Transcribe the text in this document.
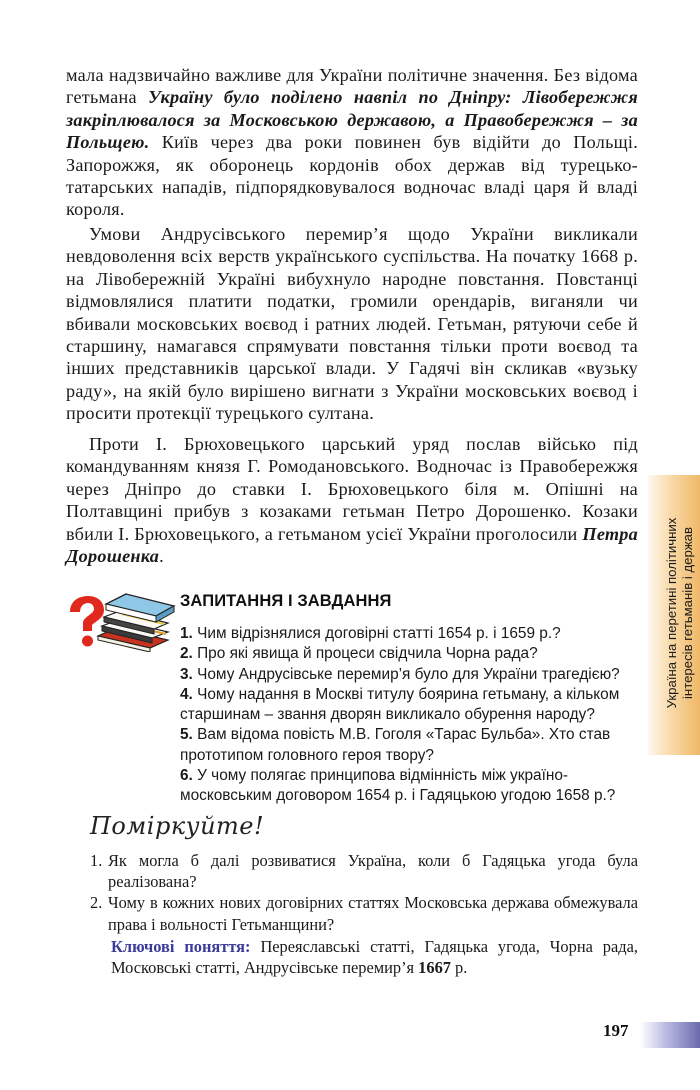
мала надзвичайно важливе для України політичне значення. Без відома гетьмана Україну було поділено навпіл по Дніпру: Лівобережжя закріплювалося за Московською державою, а Правобережжя – за Польщею. Київ через два роки повинен був відійти до Польщі. Запорожжя, як оборонець кордонів обох держав від турецько-татарських нападів, підпорядковувалося водночас владі царя й владі короля.

Умови Андрусівського перемир’я щодо України викликали невдоволення всіх верств українського суспільства. На початку 1668 р. на Лівобережній Україні вибухнуло народне повстання. Повстанці відмовлялися платити податки, громили орендарів, виганяли чи вбивали московських воєвод і ратних людей. Гетьман, рятуючи себе й старшину, намагався спрямувати повстання тільки проти воєвод та інших представників царської влади. У Гадячі він скликав «вузьку раду», на якій було вирішено вигнати з України московських воєвод і просити протекції турецького султана.

Проти І. Брюховецького царський уряд послав військо під командуванням князя Г. Ромодановського. Водночас із Правобережжя через Дніпро до ставки І. Брюховецького біля м. Опішні на Полтавщині прибув з козаками гетьман Петро Дорошенко. Козаки вбили І. Брюховецького, а гетьманом усієї України проголосили Петра Дорошенка.

ЗАПИТАННЯ І ЗАВДАННЯ

1. Чим відрізнялися договірні статті 1654 р. і 1659 р.?

2. Про які явища й процеси свідчила Чорна рада?

3. Чому Андрусівське перемир’я було для України трагедією?

4. Чому надання в Москві титулу боярина гетьману, а кільком старшинам – звання дворян викликало обурення народу?

5. Вам відома повість М.В. Гоголя «Тарас Бульба». Хто став прототипом головного героя твору?

6. У чому полягає принципова відмінність між україно-московським договором 1654 р. і Гадяцькою угодою 1658 р.?

Поміркуйте!
1. Як могла б далі розвиватися Україна, коли б Гадяцька угода була реалізована?
2. Чому в кожних нових договірних статтях Московська держава обмежувала права і вольності Гетьманщини?
Ключові поняття: Переяславські статті, Гадяцька угода, Чорна рада, Московські статті, Андрусівське перемир’я 1667 р.
Україна на перетині політичних інтересів гетьманів і держав
197
